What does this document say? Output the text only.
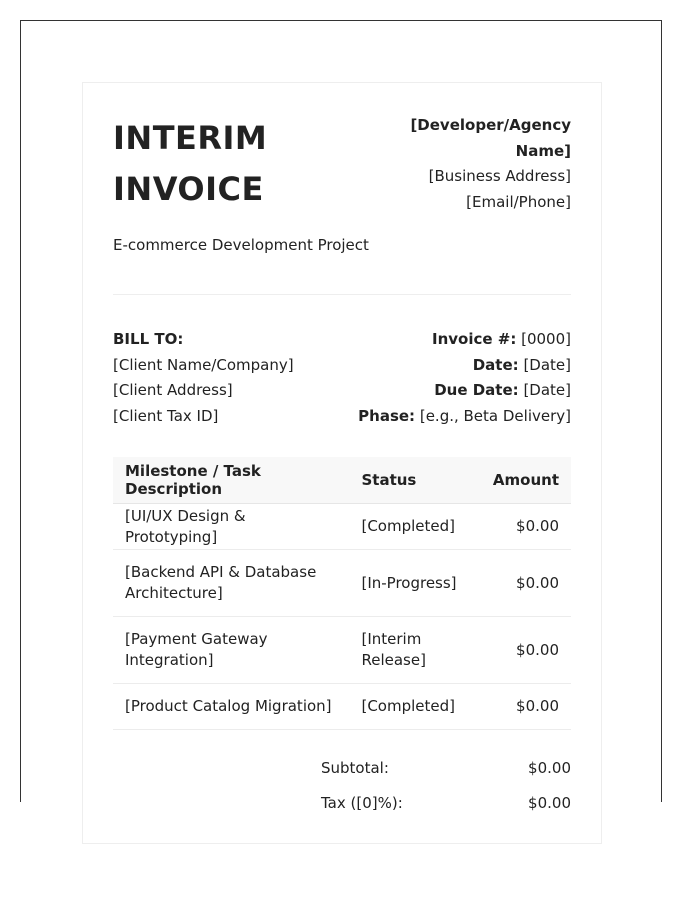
INTERIM INVOICE
[Developer/Agency Name]
[Business Address]
[Email/Phone]
E-commerce Development Project
BILL TO:
[Client Name/Company]
[Client Address]
[Client Tax ID]
Invoice #: [0000]
Date: [Date]
Due Date: [Date]
Phase: [e.g., Beta Delivery]
Milestone / Task Description	Status	Amount
[UI/UX Design & Prototyping]	[Completed]	$0.00
[Backend API & Database Architecture]	[In-Progress]	$0.00
[Payment Gateway Integration]	[Interim Release]	$0.00
[Product Catalog Migration]	[Completed]	$0.00
Subtotal:	$0.00
Tax ([0]%):	$0.00
